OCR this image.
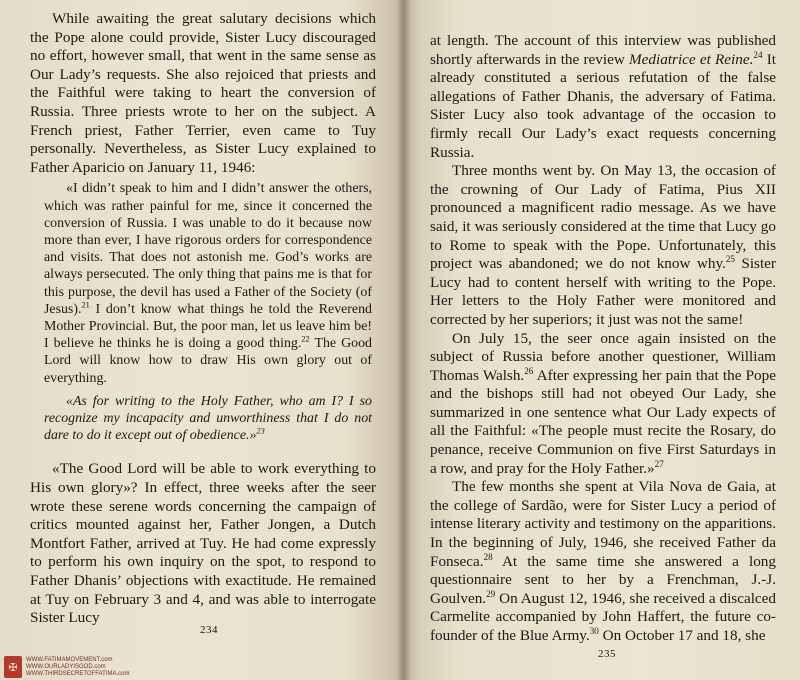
While awaiting the great salutary decisions which the Pope alone could provide, Sister Lucy discouraged no effort, however small, that went in the same sense as Our Lady’s requests. She also rejoiced that priests and the Faithful were taking to heart the conversion of Russia. Three priests wrote to her on the subject. A French priest, Father Terrier, even came to Tuy personally. Nevertheless, as Sister Lucy explained to Father Aparicio on January 11, 1946:

«I didn’t speak to him and I didn’t answer the others, which was rather painful for me, since it concerned the conversion of Russia. I was unable to do it because now more than ever, I have rigorous orders for correspondence and visits. That does not astonish me. God’s works are always persecuted. The only thing that pains me is that for this purpose, the devil has used a Father of the Society (of Jesus).$^{21}$ I don’t know what things he told the Reverend Mother Provincial. But, the poor man, let us leave him be! I believe he thinks he is doing a good thing.$^{22}$ The Good Lord will know how to draw His own glory out of everything.

«As for writing to the Holy Father, who am I? I so recognize my incapacity and unworthiness that I do not dare to do it except out of obedience.»$^{23}$

«The Good Lord will be able to work everything to His own glory»? In effect, three weeks after the seer wrote these serene words concerning the campaign of critics mounted against her, Father Jongen, a Dutch Montfort Father, arrived at Tuy. He had come expressly to perform his own inquiry on the spot, to respond to Father Dhanis’ objections with exactitude. He remained at Tuy on February 3 and 4, and was able to interrogate Sister Lucy

234
✠
WWW.FATIMAMOVEMENT.com
WWW.OURLADYISGOD.com
WWW.THIRDSECRETOFFATIMA.com

at length. The account of this interview was published shortly afterwards in the review Mediatrice et Reine.$^{24}$ It already constituted a serious refutation of the false allegations of Father Dhanis, the adversary of Fatima. Sister Lucy also took advantage of the occasion to firmly recall Our Lady’s exact requests concerning Russia.

Three months went by. On May 13, the occasion of the crowning of Our Lady of Fatima, Pius XII pronounced a magnificent radio message. As we have said, it was seriously considered at the time that Lucy go to Rome to speak with the Pope. Unfortunately, this project was abandoned; we do not know why.$^{25}$ Sister Lucy had to content herself with writing to the Pope. Her letters to the Holy Father were monitored and corrected by her superiors; it just was not the same!

On July 15, the seer once again insisted on the subject of Russia before another questioner, William Thomas Walsh.$^{26}$ After expressing her pain that the Pope and the bishops still had not obeyed Our Lady, she summarized in one sentence what Our Lady expects of all the Faithful: «The people must recite the Rosary, do penance, receive Communion on five First Saturdays in a row, and pray for the Holy Father.»$^{27}$

The few months she spent at Vila Nova de Gaia, at the college of Sardão, were for Sister Lucy a period of intense literary activity and testimony on the apparitions. In the beginning of July, 1946, she received Father da Fonseca.$^{28}$ At the same time she answered a long questionnaire sent to her by a Frenchman, J.-J. Goulven.$^{29}$ On August 12, 1946, she received a discalced Carmelite accompanied by John Haffert, the future co-founder of the Blue Army.$^{30}$ On October 17 and 18, she

235
